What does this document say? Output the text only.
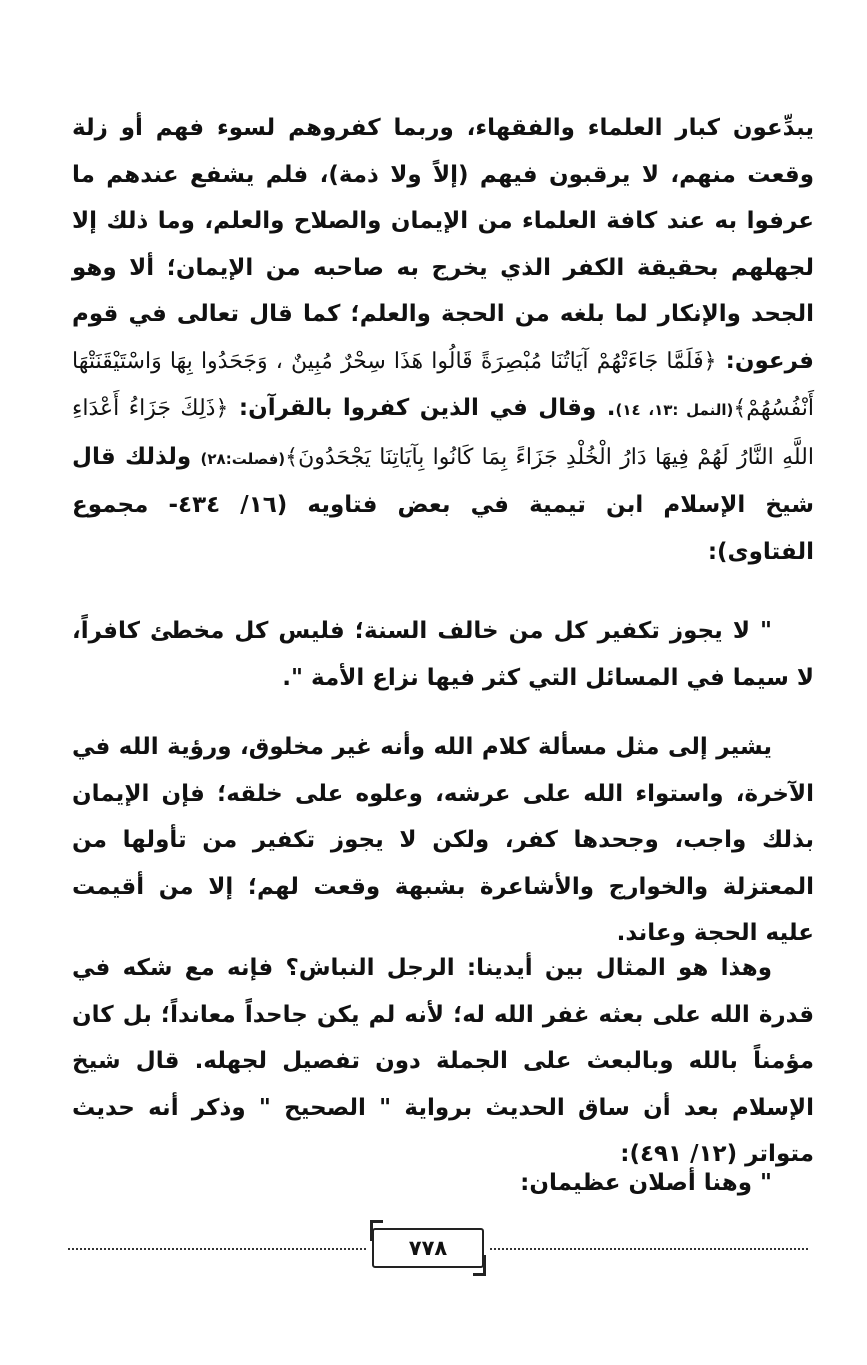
يبدِّعون كبار العلماء والفقهاء، وربما كفروهم لسوء فهم أو زلة وقعت منهم، لا يرقبون فيهم (إلاً ولا ذمة)، فلم يشفع عندهم ما عرفوا به عند كافة العلماء من الإيمان والصلاح والعلم، وما ذلك إلا لجهلهم بحقيقة الكفر الذي يخرج به صاحبه من الإيمان؛ ألا وهو الجحد والإنكار لما بلغه من الحجة والعلم؛ كما قال تعالى في قوم فرعون: ﴿فَلَمَّا جَاءَتْهُمْ آيَاتُنَا مُبْصِرَةً قَالُوا هَذَا سِحْرٌ مُبِينٌ ، وَجَحَدُوا بِهَا وَاسْتَيْقَنَتْهَا أَنْفُسُهُمْ﴾(النمل :١٣، ١٤). وقال في الذين كفروا بالقرآن: ﴿ذَلِكَ جَزَاءُ أَعْدَاءِ اللَّهِ النَّارُ لَهُمْ فِيهَا دَارُ الْخُلْدِ جَزَاءً بِمَا كَانُوا بِآيَاتِنَا يَجْحَدُونَ﴾(فصلت:٢٨) ولذلك قال شيخ الإسلام ابن تيمية في بعض فتاويه (١٦/ ٤٣٤- مجموع الفتاوى):

" لا يجوز تكفير كل من خالف السنة؛ فليس كل مخطئ كافراً، لا سيما في المسائل التي كثر فيها نزاع الأمة ".

يشير إلى مثل مسألة كلام الله وأنه غير مخلوق، ورؤية الله في الآخرة، واستواء الله على عرشه، وعلوه على خلقه؛ فإن الإيمان بذلك واجب، وجحدها كفر، ولكن لا يجوز تكفير من تأولها من المعتزلة والخوارج والأشاعرة بشبهة وقعت لهم؛ إلا من أقيمت عليه الحجة وعاند.

وهذا هو المثال بين أيدينا: الرجل النباش؟ فإنه مع شكه في قدرة الله على بعثه غفر الله له؛ لأنه لم يكن جاحداً معانداً؛ بل كان مؤمناً بالله وبالبعث على الجملة دون تفصيل لجهله. قال شيخ الإسلام بعد أن ساق الحديث برواية " الصحيح " وذكر أنه حديث متواتر (١٢/ ٤٩١):

" وهنا أصلان عظيمان:

٧٧٨
